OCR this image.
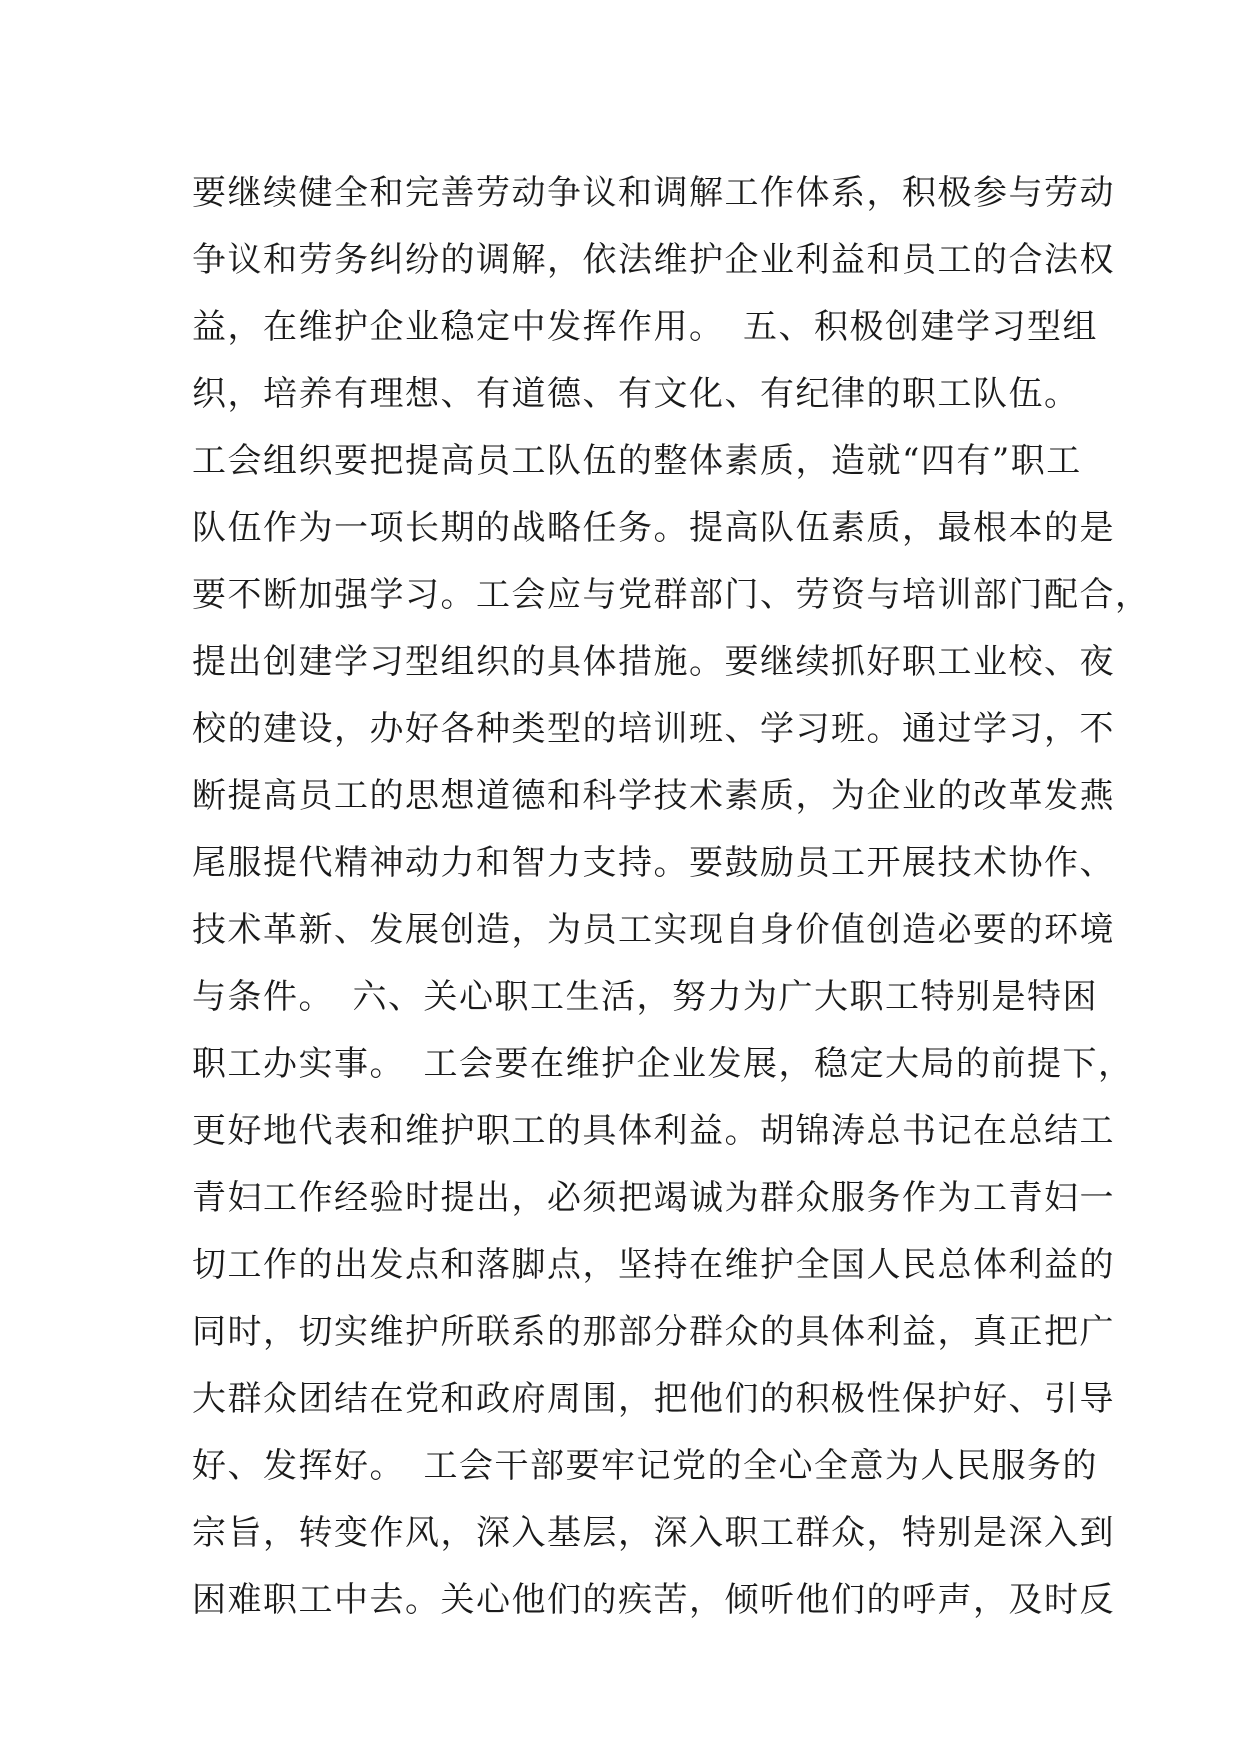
要继续健全和完善劳动争议和调解工作体系，积极参与劳动
争议和劳务纠纷的调解，依法维护企业利益和员工的合法权
益，在维护企业稳定中发挥作用。　五、积极创建学习型组
织，培养有理想、有道德、有文化、有纪律的职工队伍。
工会组织要把提高员工队伍的整体素质，造就“四有”职工
队伍作为一项长期的战略任务。提高队伍素质，最根本的是
要不断加强学习。工会应与党群部门、劳资与培训部门配合，
提出创建学习型组织的具体措施。要继续抓好职工业校、夜
校的建设，办好各种类型的培训班、学习班。通过学习，不
断提高员工的思想道德和科学技术素质，为企业的改革发燕
尾服提代精神动力和智力支持。要鼓励员工开展技术协作、
技术革新、发展创造，为员工实现自身价值创造必要的环境
与条件。　六、关心职工生活，努力为广大职工特别是特困
职工办实事。　工会要在维护企业发展，稳定大局的前提下，
更好地代表和维护职工的具体利益。胡锦涛总书记在总结工
青妇工作经验时提出，必须把竭诚为群众服务作为工青妇一
切工作的出发点和落脚点，坚持在维护全国人民总体利益的
同时，切实维护所联系的那部分群众的具体利益，真正把广
大群众团结在党和政府周围，把他们的积极性保护好、引导
好、发挥好。　工会干部要牢记党的全心全意为人民服务的
宗旨，转变作风，深入基层，深入职工群众，特别是深入到
困难职工中去。关心他们的疾苦，倾听他们的呼声，及时反
